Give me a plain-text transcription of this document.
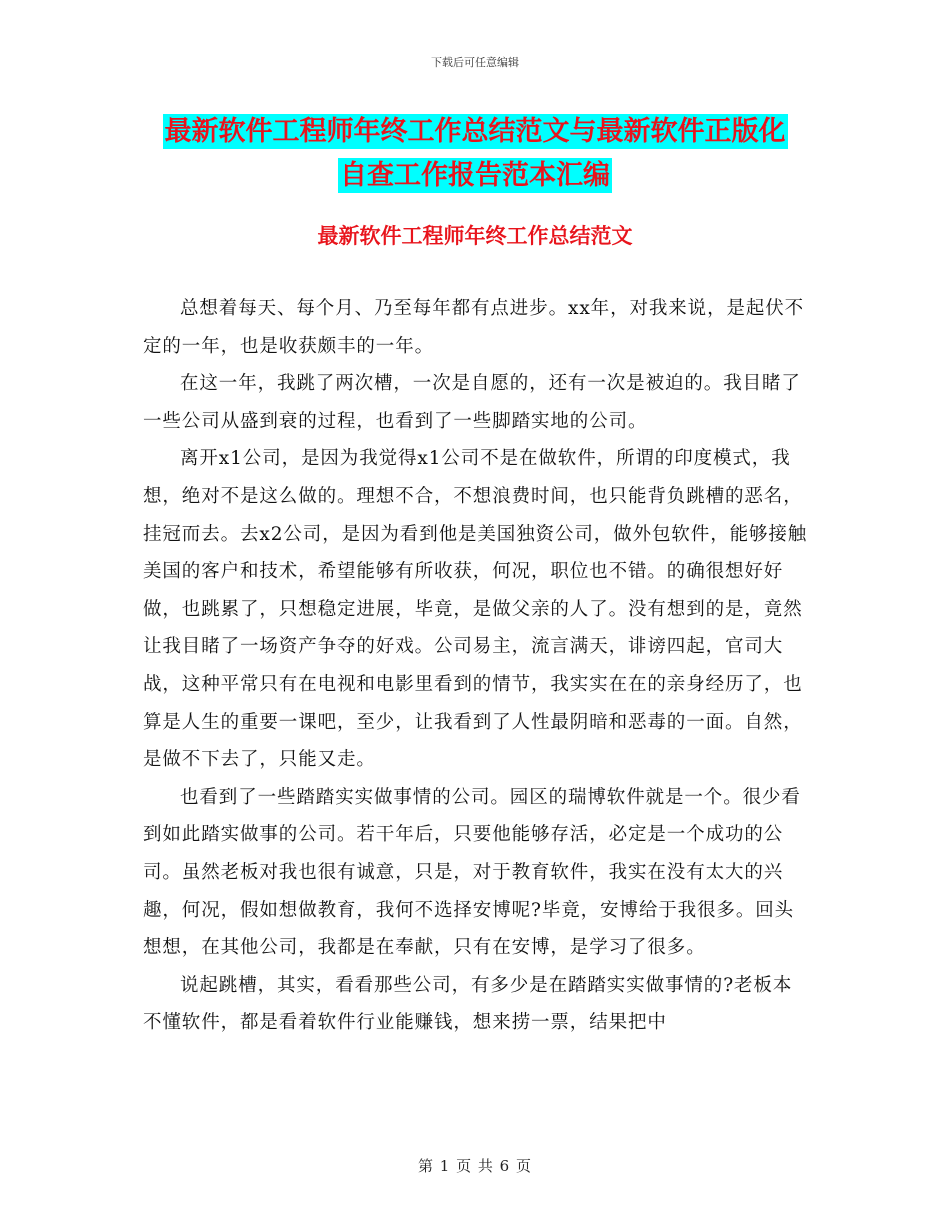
下载后可任意编辑
最新软件工程师年终工作总结范文与最新软件正版化
自查工作报告范本汇编
最新软件工程师年终工作总结范文

总想着每天、每个月、乃至每年都有点进步。xx年，对我来说，是起伏不定的一年，也是收获颇丰的一年。

在这一年，我跳了两次槽，一次是自愿的，还有一次是被迫的。我目睹了一些公司从盛到衰的过程，也看到了一些脚踏实地的公司。

离开x1公司，是因为我觉得x1公司不是在做软件，所谓的印度模式，我想，绝对不是这么做的。理想不合，不想浪费时间，也只能背负跳槽的恶名，挂冠而去。去x2公司，是因为看到他是美国独资公司，做外包软件，能够接触美国的客户和技术，希望能够有所收获，何况，职位也不错。的确很想好好做，也跳累了，只想稳定进展，毕竟，是做父亲的人了。没有想到的是，竟然让我目睹了一场资产争夺的好戏。公司易主，流言满天，诽谤四起，官司大战，这种平常只有在电视和电影里看到的情节，我实实在在的亲身经历了，也算是人生的重要一课吧，至少，让我看到了人性最阴暗和恶毒的一面。自然，是做不下去了，只能又走。

也看到了一些踏踏实实做事情的公司。园区的瑞博软件就是一个。很少看到如此踏实做事的公司。若干年后，只要他能够存活，必定是一个成功的公司。虽然老板对我也很有诚意，只是，对于教育软件，我实在没有太大的兴趣，何况，假如想做教育，我何不选择安博呢?毕竟，安博给于我很多。回头想想，在其他公司，我都是在奉献，只有在安博，是学习了很多。

说起跳槽，其实，看看那些公司，有多少是在踏踏实实做事情的?老板本不懂软件，都是看着软件行业能赚钱，想来捞一票，结果把中

第 1 页 共 6 页
